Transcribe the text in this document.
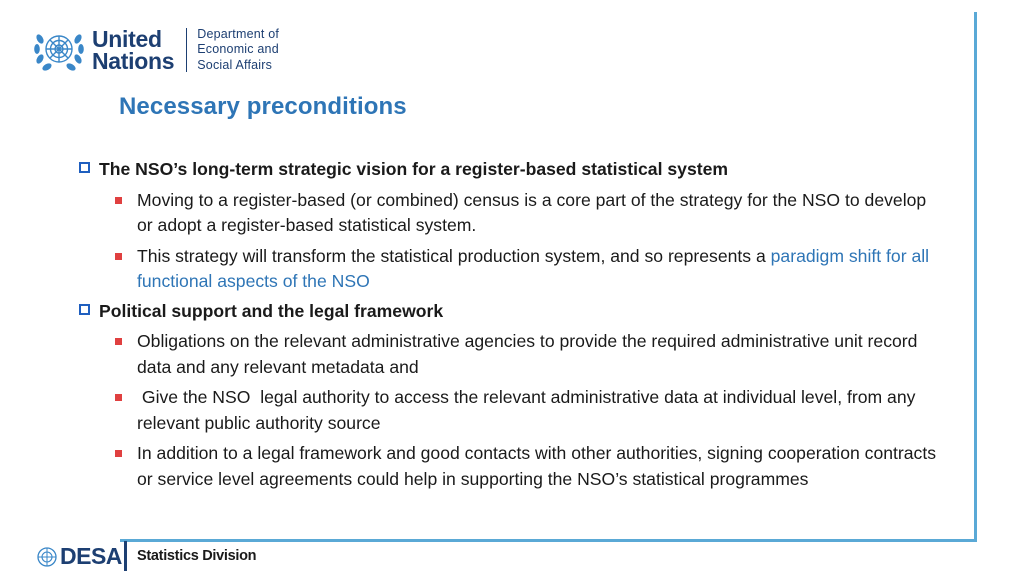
United
Nations
Department of
Economic and
Social Affairs
Necessary preconditions
The NSO’s long-term strategic vision for a register-based statistical system
Moving to a register-based (or combined) census is a core part of the strategy for the NSO to develop or adopt a register-based statistical system.
This strategy will transform the statistical production system, and so represents a paradigm shift for all functional aspects of the NSO
Political support and the legal framework
Obligations on the relevant administrative agencies to provide the required administrative unit record data and any relevant metadata and
Give the NSO  legal authority to access the relevant administrative data at individual level, from any relevant public authority source
In addition to a legal framework and good contacts with other authorities, signing cooperation contracts or service level agreements could help in supporting the NSO’s statistical programmes
DESA Statistics Division
